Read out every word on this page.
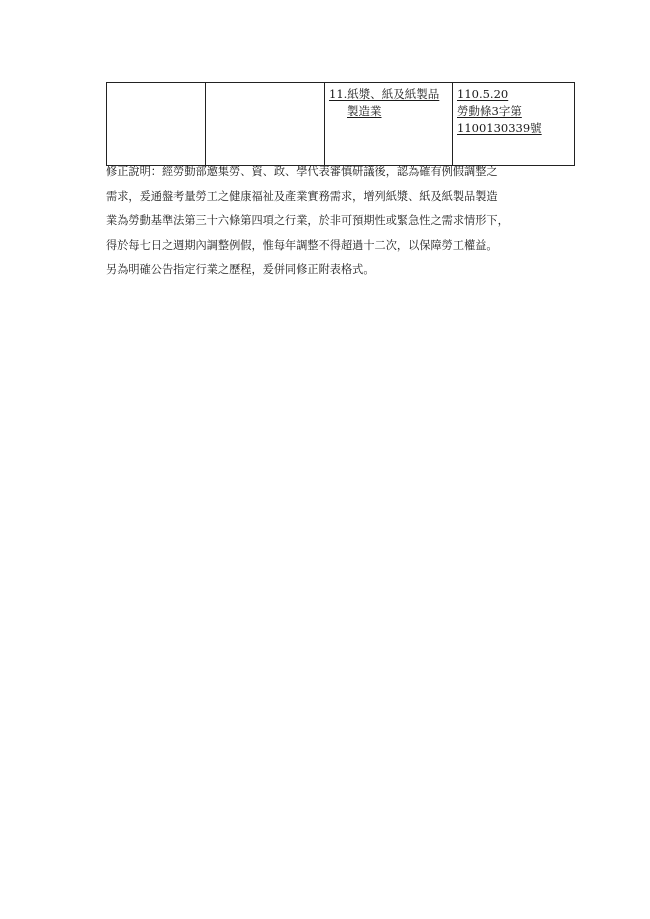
11.紙漿、紙及紙製品
製造業

110.5.20
勞動條3字第
1100130339號

修正說明：經勞動部邀集勞、資、政、學代表審慎研議後，認為確有例假調整之

需求，爰通盤考量勞工之健康福祉及產業實務需求，增列紙漿、紙及紙製品製造

業為勞動基準法第三十六條第四項之行業，於非可預期性或緊急性之需求情形下，

得於每七日之週期內調整例假，惟每年調整不得超過十二次，以保障勞工權益。

另為明確公告指定行業之歷程，爰併同修正附表格式。
